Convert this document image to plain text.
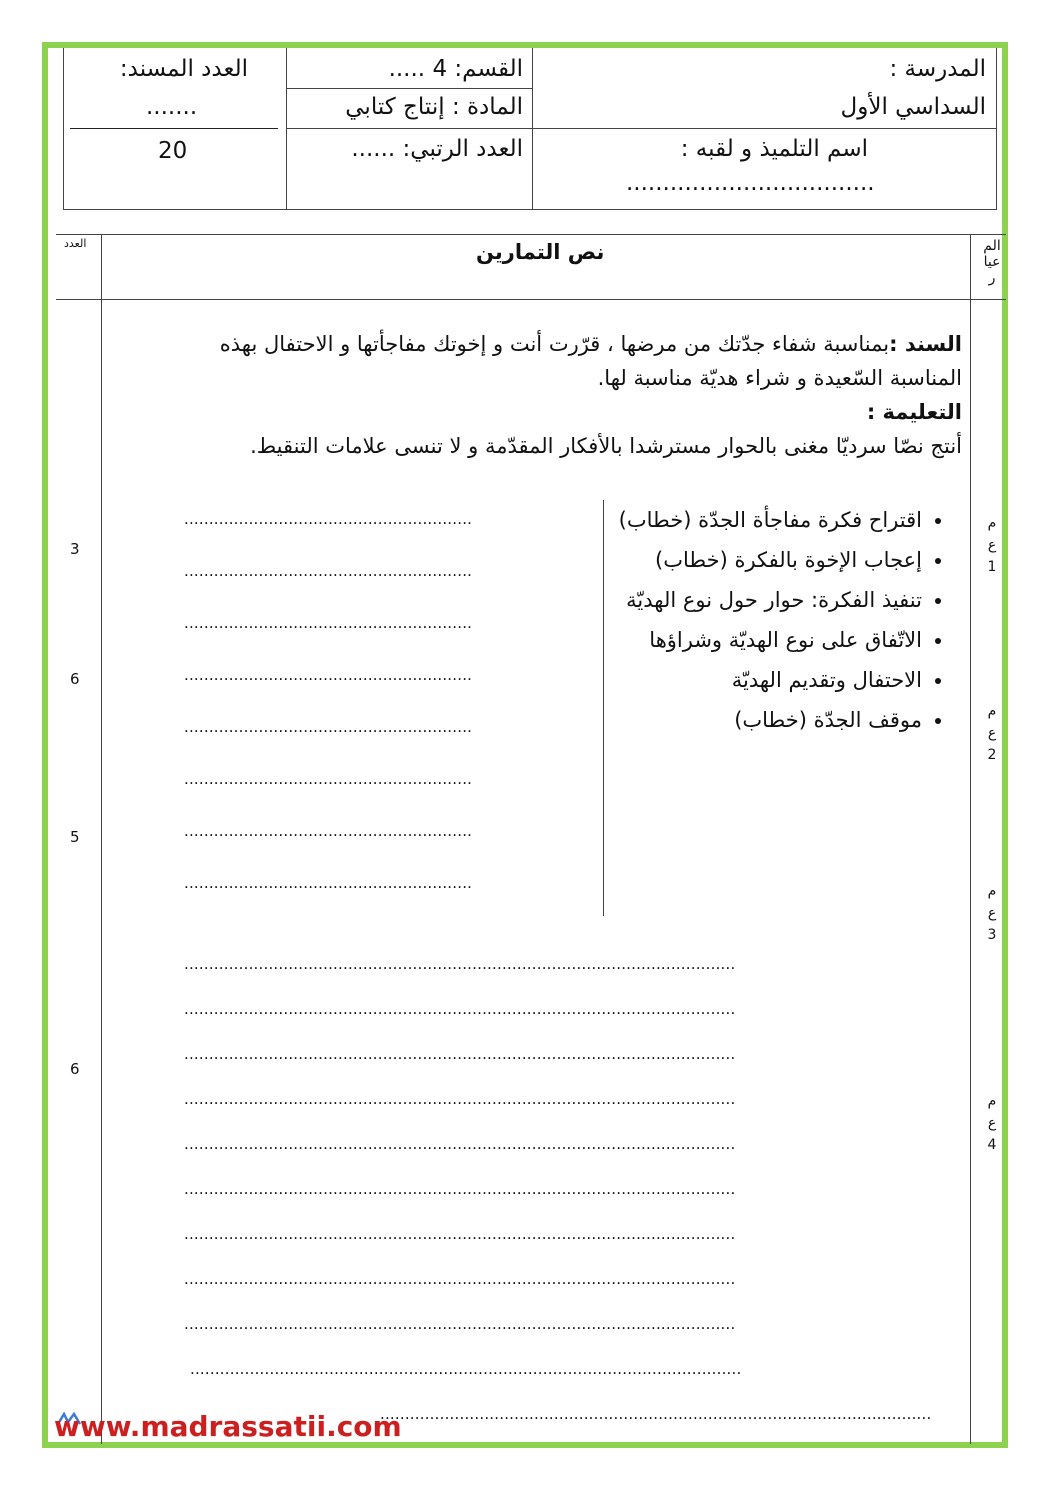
المدرسة :
السداسي الأول
اسم التلميذ و لقبه :
..................................
القسم: 4 .....
المادة : إنتاج كتابي
العدد الرتبي: ......
العدد المسند:
.......
20
العدد	نص التمارين	الم
عيا
ر
السند :بمناسبة شفاء جدّتك من مرضها ، قرّرت أنت و إخوتك مفاجأتها و الاحتفال بهذه
المناسبة السّعيدة و شراء هديّة مناسبة لها.
التعليمة :
أنتج نصّا سرديّا مغنى بالحوار مسترشدا بالأفكار المقدّمة و لا تنسى علامات التنقيط.
• اقتراح فكرة مفاجأة الجدّة (خطاب)
• إعجاب الإخوة بالفكرة (خطاب)
• تنفيذ الفكرة: حوار حول نوع الهديّة
• الاتّفاق على نوع الهديّة وشراؤها
• الاحتفال وتقديم الهديّة
• موقف الجدّة (خطاب)
..........................................................
..........................................................
..........................................................
..........................................................
..........................................................
..........................................................
..........................................................
..........................................................
...............................................................................................................
...............................................................................................................
...............................................................................................................
...............................................................................................................
...............................................................................................................
...............................................................................................................
...............................................................................................................
...............................................................................................................
...............................................................................................................
...............................................................................................................
...............................................................................................................
3
6
5
6
م
ع
1
م
ع
2
م
ع
3
م
ع
4
www.madrassatii.com
